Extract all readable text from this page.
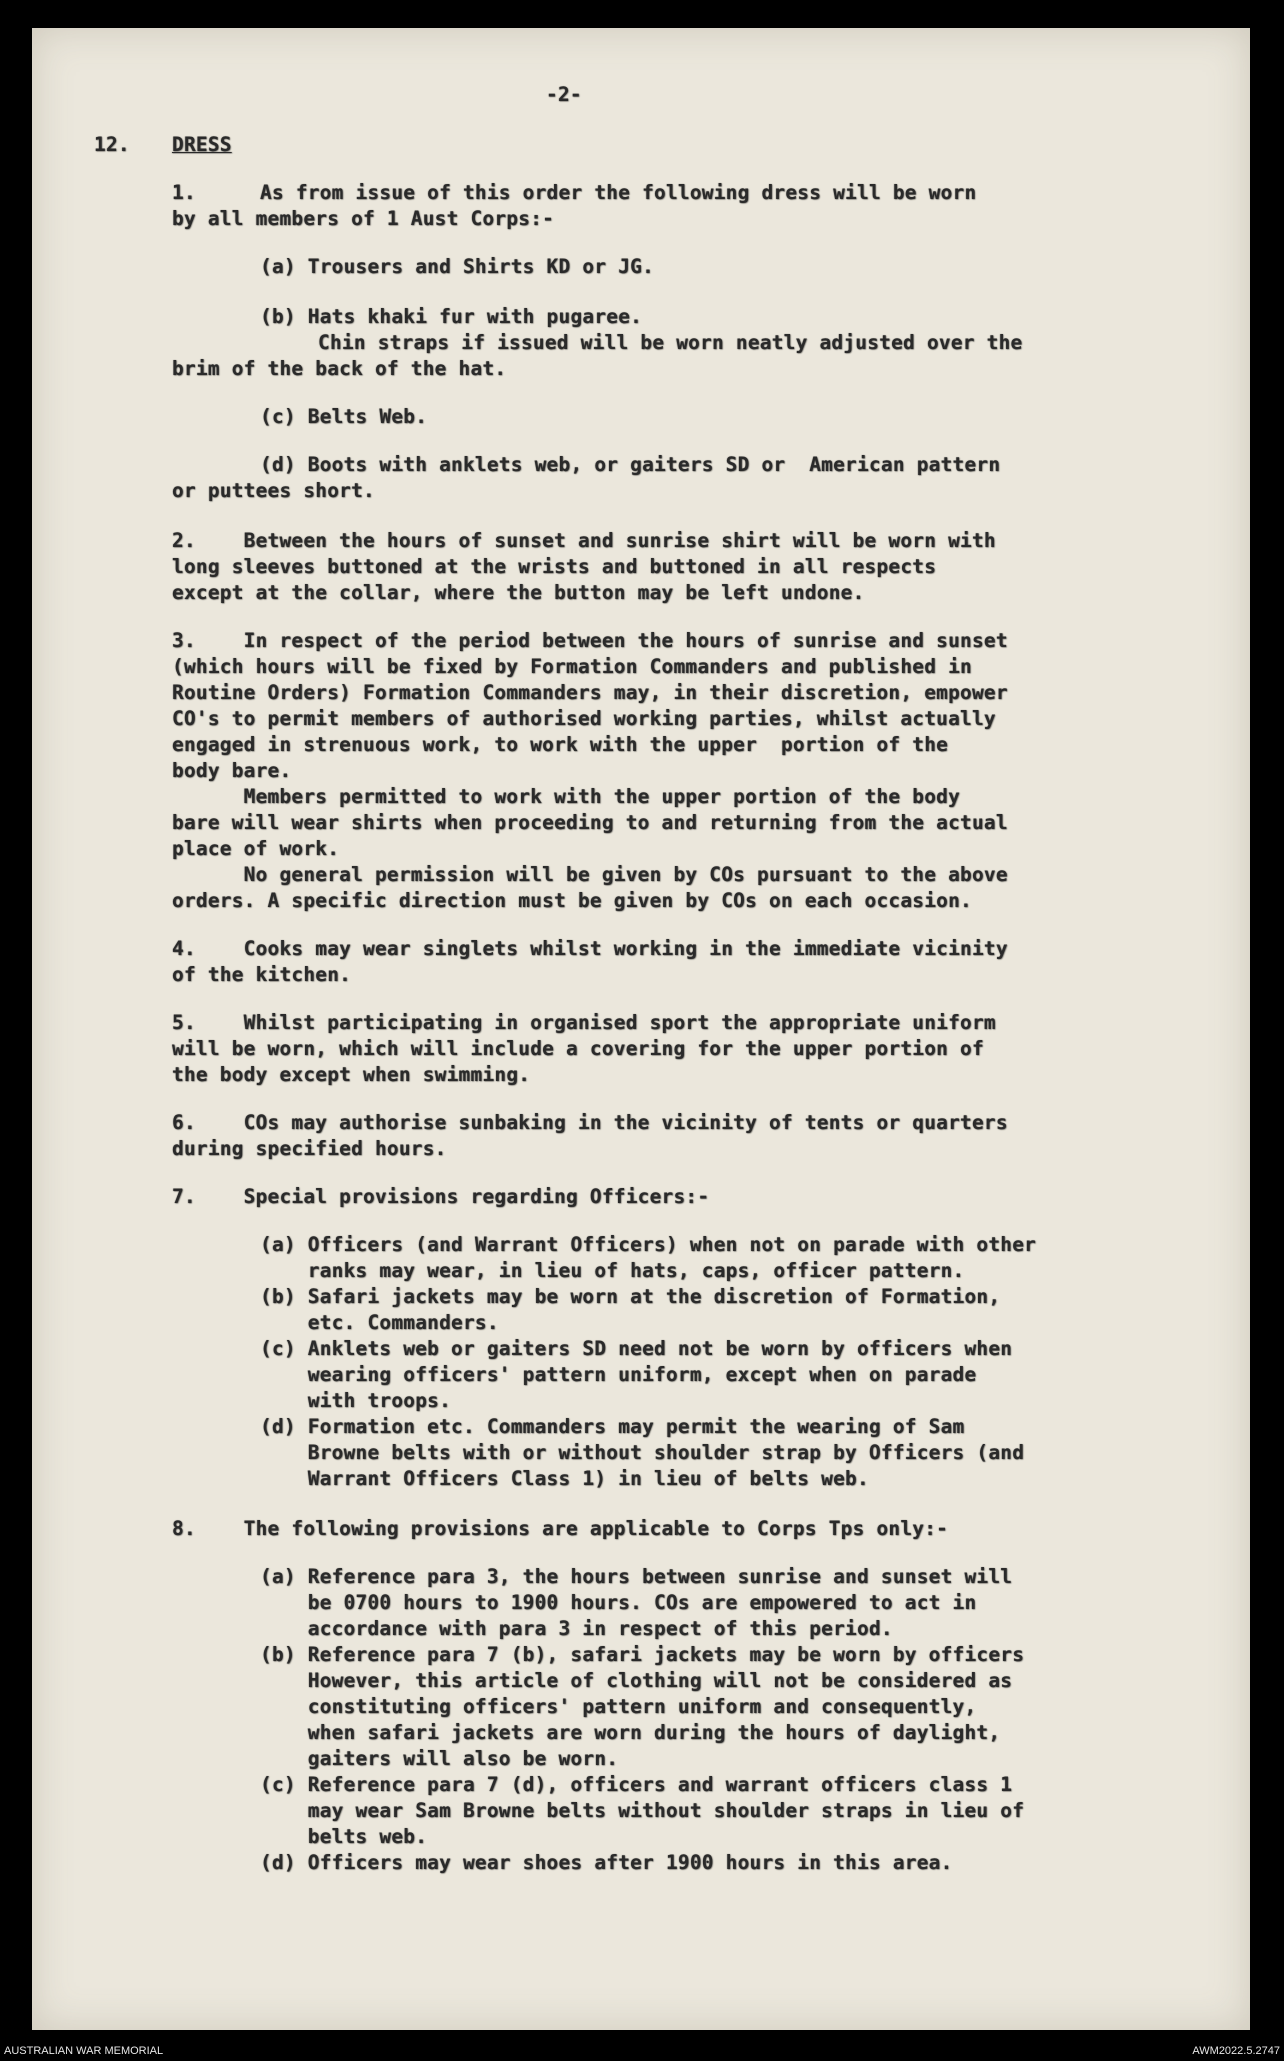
-2-
12. DRESS
1.	As from issue of this order the following dress will be worn
by all members of 1 Aust Corps:-
(a) Trousers and Shirts KD or JG.
(b) Hats khaki fur with pugaree.
Chin straps if issued will be worn neatly adjusted over the
brim of the back of the hat.
(c) Belts Web.
(d) Boots with anklets web, or gaiters SD or  American pattern
or puttees short.
2.    Between the hours of sunset and sunrise shirt will be worn with
long sleeves buttoned at the wrists and buttoned in all respects
except at the collar, where the button may be left undone.
3.    In respect of the period between the hours of sunrise and sunset
(which hours will be fixed by Formation Commanders and published in
Routine Orders) Formation Commanders may, in their discretion, empower
CO's to permit members of authorised working parties, whilst actually
engaged in strenuous work, to work with the upper  portion of the
body bare.
Members permitted to work with the upper portion of the body
bare will wear shirts when proceeding to and returning from the actual
place of work.
No general permission will be given by COs pursuant to the above
orders. A specific direction must be given by COs on each occasion.
4.    Cooks may wear singlets whilst working in the immediate vicinity
of the kitchen.
5.    Whilst participating in organised sport the appropriate uniform
will be worn, which will include a covering for the upper portion of
the body except when swimming.
6.    COs may authorise sunbaking in the vicinity of tents or quarters
during specified hours.
7.    Special provisions regarding Officers:-
(a) Officers (and Warrant Officers) when not on parade with other
ranks may wear, in lieu of hats, caps, officer pattern.
(b) Safari jackets may be worn at the discretion of Formation,
etc. Commanders.
(c) Anklets web or gaiters SD need not be worn by officers when
wearing officers' pattern uniform, except when on parade
with troops.
(d) Formation etc. Commanders may permit the wearing of Sam
Browne belts with or without shoulder strap by Officers (and
Warrant Officers Class 1) in lieu of belts web.
8.    The following provisions are applicable to Corps Tps only:-
(a) Reference para 3, the hours between sunrise and sunset will
be 0700 hours to 1900 hours. COs are empowered to act in
accordance with para 3 in respect of this period.
(b) Reference para 7 (b), safari jackets may be worn by officers
However, this article of clothing will not be considered as
constituting officers' pattern uniform and consequently,
when safari jackets are worn during the hours of daylight,
gaiters will also be worn.
(c) Reference para 7 (d), officers and warrant officers class 1
may wear Sam Browne belts without shoulder straps in lieu of
belts web.
(d) Officers may wear shoes after 1900 hours in this area.
AUSTRALIAN WAR MEMORIAL	AWM2022.5.2747
